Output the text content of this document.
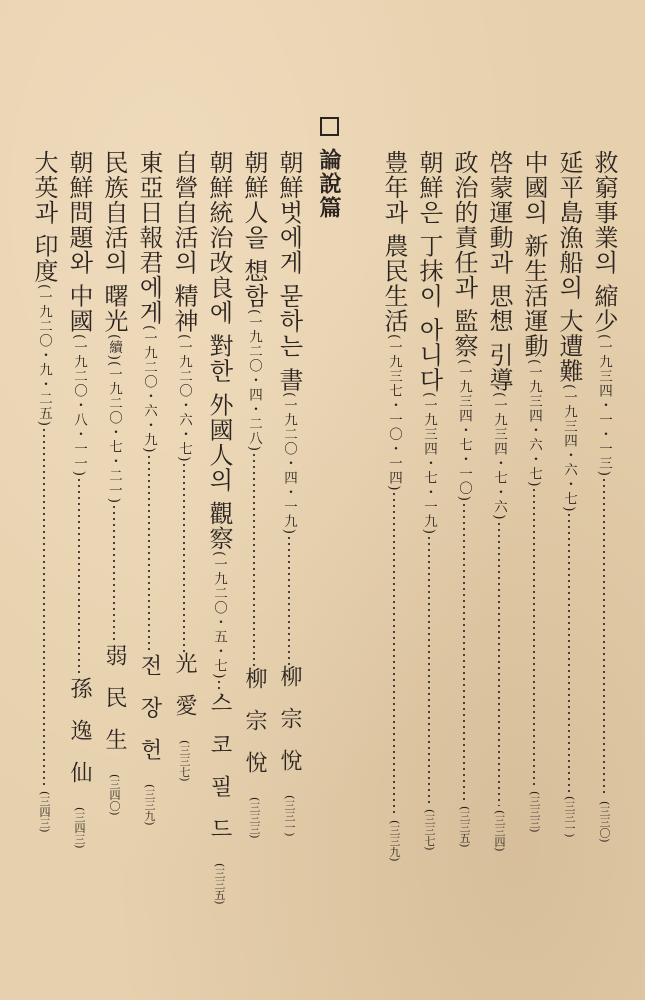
救窮事業의 縮少
(一九三四・一・一三)
(三三〇)
延平島漁船의 大遭難
(一九三四・六・七)
(三三一)
中國의 新生活運動
(一九三四・六・七)
(三三三)
啓蒙運動과 思想 引導
(一九三四・七・六)
(三三四)
政治的責任과 監察
(一九三四・七・一〇)
(三三五)
朝鮮은 丁抹이 아니다
(一九三四・七・一九)
(三三七)
豊年과 農民生活
(一九三七・一〇・一四)
(三三九)
論說篇
朝鮮벗에게 묻하는 書
(一九二〇・四・一九)
柳宗悅
(三三一)
朝鮮人을 想함
(一九二〇・四・二八)
柳宗悅
(三三三)
朝鮮統治改良에 對한 外國人의 觀察
(一九二〇・五・七)
스코필드
(三三五)
自營自活의 精神
(一九二〇・六・七)
光愛
(三三七)
東亞日報君에게
(一九二〇・六・九)
전장헌
(三三九)
民族自活의 曙光
(續)(一九二〇・七・二一)
弱民生
(三四〇)
朝鮮問題와 中國
(一九二〇・八・一一)
孫逸仙
(三四三)
大英과 印度
(一九二〇・九・二五)
(三四三)
